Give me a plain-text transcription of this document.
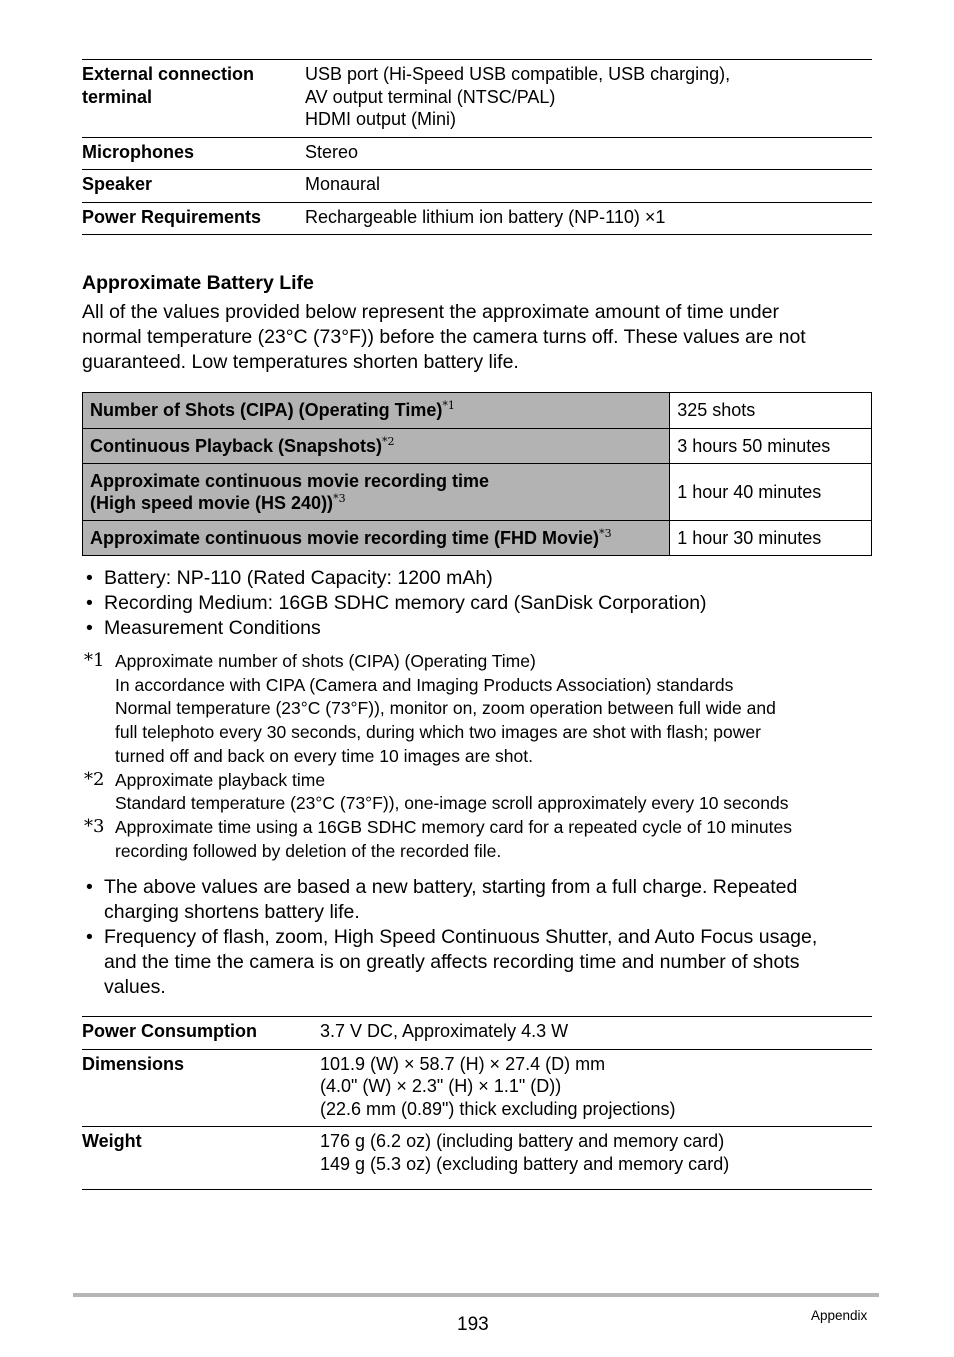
External connection
terminal	USB port (Hi-Speed USB compatible, USB charging),
AV output terminal (NTSC/PAL)
HDMI output (Mini)

Microphones	Stereo
Speaker	Monaural
Power Requirements	Rechargeable lithium ion battery (NP-110) ×1
Approximate Battery Life

All of the values provided below represent the approximate amount of time under
normal temperature (23°C (73°F)) before the camera turns off. These values are not
guaranteed. Low temperatures shorten battery life.

Number of Shots (CIPA) (Operating Time)$^{*1}$	325 shots
Continuous Playback (Snapshots)$^{*2}$	3 hours 50 minutes

Approximate continuous movie recording time
(High speed movie (HS 240))$^{*3}$	1 hour 40 minutes
Approximate continuous movie recording time (FHD Movie)$^{*3}$	1 hour 30 minutes
• Battery: NP-110 (Rated Capacity: 1200 mAh)
• Recording Medium: 16GB SDHC memory card (SanDisk Corporation)
• Measurement Conditions
*1 Approximate number of shots (CIPA) (Operating Time)
In accordance with CIPA (Camera and Imaging Products Association) standards
Normal temperature (23°C (73°F)), monitor on, zoom operation between full wide and
full telephoto every 30 seconds, during which two images are shot with flash; power
turned off and back on every time 10 images are shot.
*2 Approximate playback time
Standard temperature (23°C (73°F)), one-image scroll approximately every 10 seconds
*3 Approximate time using a 16GB SDHC memory card for a repeated cycle of 10 minutes
recording followed by deletion of the recorded file.
• The above values are based a new battery, starting from a full charge. Repeated
charging shortens battery life.
• Frequency of flash, zoom, High Speed Continuous Shutter, and Auto Focus usage,
and the time the camera is on greatly affects recording time and number of shots
values.
Power Consumption	3.7 V DC, Approximately 4.3 W
Dimensions	101.9 (W) × 58.7 (H) × 27.4 (D) mm
(4.0" (W) × 2.3" (H) × 1.1" (D))
(22.6 mm (0.89") thick excluding projections)

Weight	176 g (6.2 oz) (including battery and memory card)
149 g (5.3 oz) (excluding battery and memory card)
193	Appendix
